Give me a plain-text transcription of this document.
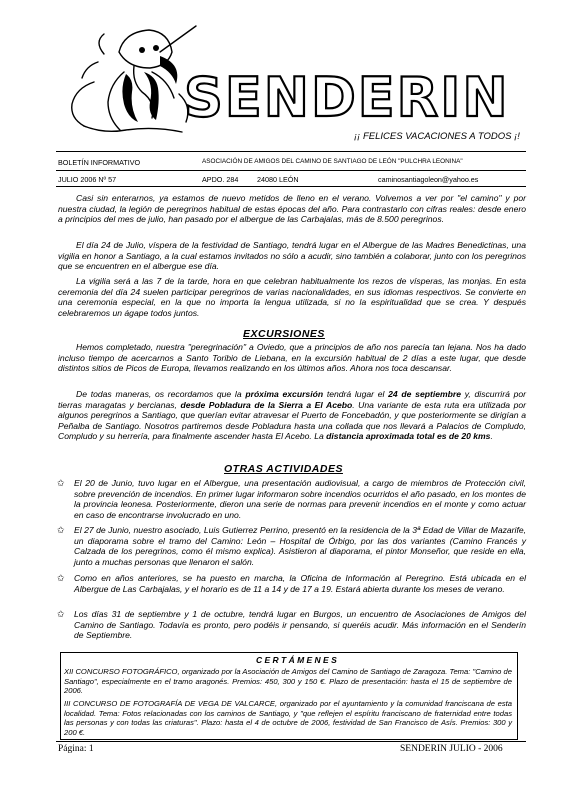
SENDERIN
¡¡ FELICES VACACIONES A TODOS ¡!
BOLETÍN INFORMATIVO	ASOCIACIÓN DE AMIGOS DEL CAMINO DE SANTIAGO DE LEÓN "PULCHRA LEONINA"
JULIO 2006 Nº 57	APDO. 284	24080 LEÓN	caminosantiagoleon@yahoo.es

Casi sin enterarnos, ya estamos de nuevo metidos de lleno en el verano. Volvemos a ver por "el camino" y por nuestra ciudad, la legión de peregrinos habitual de estas épocas del año. Para contrastarlo con cifras reales: desde enero a principios del mes de julio, han pasado por el albergue de las Carbajalas, más de 8.500 peregrinos.

El día 24 de Julio, víspera de la festividad de Santiago, tendrá lugar en el Albergue de las Madres Benedictinas, una vigilia en honor a Santiago, a la cual estamos invitados no sólo a acudir, sino también a colaborar, junto con los peregrinos que se encuentren en el albergue ese día.

La vigilia será a las 7 de la tarde, hora en que celebran habitualmente los rezos de vísperas, las monjas. En esta ceremonia del día 24 suelen participar peregrinos de varias nacionalidades, en sus idiomas respectivos. Se convierte en una ceremonia especial, en la que no importa la lengua utilizada, si no la espiritualidad que se crea. Y después celebraremos un ágape todos juntos.

EXCURSIONES

Hemos completado, nuestra "peregrinación" a Oviedo, que a principios de año nos parecía tan lejana. Nos ha dado incluso tiempo de acercarnos a Santo Toribio de Liebana, en la excursión habitual de 2 días a este lugar, que desde distintos sitios de Picos de Europa, llevamos realizando en los últimos años. Ahora nos toca descansar.

De todas maneras, os recordamos que la próxima excursión tendrá lugar el 24 de septiembre y, discurrirá por tierras maragatas y bercianas, desde Pobladura de la Sierra a El Acebo. Una variante de esta ruta era utilizada por algunos peregrinos a Santiago, que querían evitar atravesar el Puerto de Foncebadón, y que posteriormente se dirigían a Peñalba de Santiago. Nosotros partiremos desde Pobladura hasta una collada que nos llevará a Palacios de Compludo, Compludo y su herrería, para finalmente ascender hasta El Acebo. La distancia aproximada total es de 20 kms.

OTRAS ACTIVIDADES
✩ El 20 de Junio, tuvo lugar en el Albergue, una presentación audiovisual, a cargo de miembros de Protección civil, sobre prevención de incendios. En primer lugar informaron sobre incendios ocurridos el año pasado, en los montes de la provincia leonesa. Posteriormente, dieron una serie de normas para prevenir incendios en el monte y como actuar en caso de encontrarse involucrado en uno.

✩ El 27 de Junio, nuestro asociado, Luis Gutierrez Perrino, presentó en la residencia de la 3ª Edad de Villar de Mazarife, un diaporama sobre el tramo del Camino: León – Hospital de Órbigo, por las dos variantes (Camino Francés y Calzada de los peregrinos, como él mismo explica). Asistieron al diaporama, el pintor Monseñor, que reside en ella, junto a muchas personas que llenaron el salón.

✩ Como en años anteriores, se ha puesto en marcha, la Oficina de Información al Peregrino. Está ubicada en el Albergue de Las Carbajalas, y el horario es de 11 a 14 y de 17 a 19. Estará abierta durante los meses de verano.

✩ Los días 31 de septiembre y 1 de octubre, tendrá lugar en Burgos, un encuentro de Asociaciones de Amigos del Camino de Santiago. Todavía es pronto, pero podéis ir pensando, si queréis acudir. Más información en el Senderín de Septiembre.

C E R T Á M E N E S

XII CONCURSO FOTOGRÁFICO, organizado por la Asociación de Amigos del Camino de Santiago de Zaragoza. Tema: "Camino de Santiago", especialmente en el tramo aragonés. Premios: 450, 300 y 150 €. Plazo de presentación: hasta el 15 de septiembre de 2006.

III CONCURSO DE FOTOGRAFÍA DE VEGA DE VALCARCE, organizado por el ayuntamiento y la comunidad franciscana de esta localidad. Tema: Fotos relacionadas con los caminos de Santiago, y "que reflejen el espíritu franciscano de fraternidad entre todas las personas y con todas las criaturas". Plazo: hasta el 4 de octubre de 2006, festividad de San Francisco de Asís. Premios: 300 y 200 €.

Página: 1	SENDERIN JULIO - 2006
